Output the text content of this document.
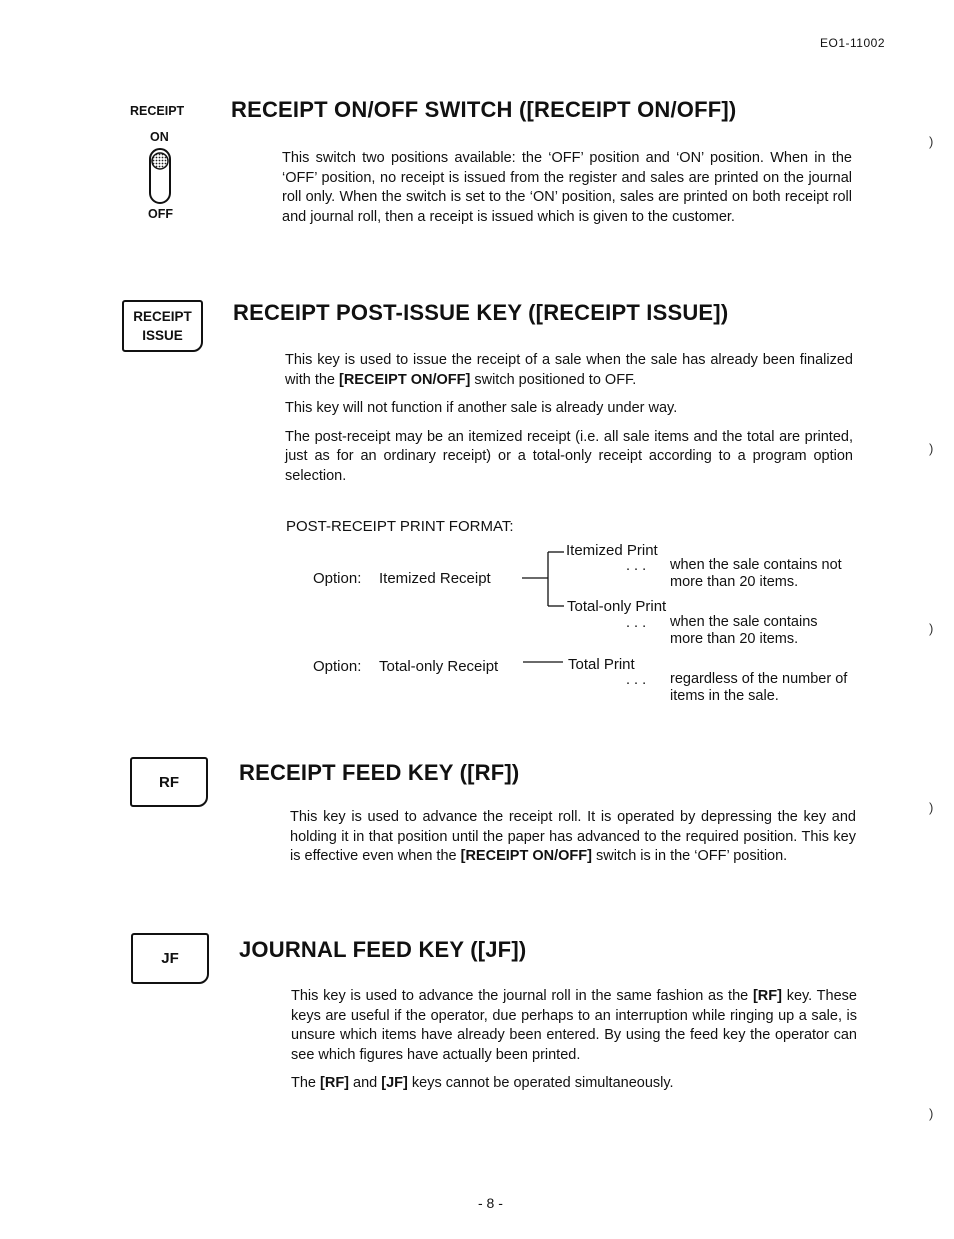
EO1-11002
RECEIPT
ON
OFF
RECEIPT ON/OFF SWITCH ([RECEIPT ON/OFF])

This switch two positions available: the ‘OFF’ position and ‘ON’ position. When in the ‘OFF’ position, no receipt is issued from the register and sales are printed on the journal roll only. When the switch is set to the ‘ON’ position, sales are printed on both receipt roll and journal roll, then a receipt is issued which is given to the customer.

RECEIPT
ISSUE
RECEIPT POST-ISSUE KEY ([RECEIPT ISSUE])

This key is used to issue the receipt of a sale when the sale has already been finalized with the [RECEIPT ON/OFF] switch positioned to OFF.

This key will not function if another sale is already under way.

The post-receipt may be an itemized receipt (i.e. all sale items and the total are printed, just as for an ordinary receipt) or a total-only receipt according to a program option selection.

POST-RECEIPT PRINT FORMAT:
Option: Itemized Receipt
Itemized Print
. . . when the sale contains not more than 20 items.
Total-only Print
. . . when the sale contains more than 20 items.
Option: Total-only Receipt	Total Print
. . . regardless of the number of items in the sale.
RF	RECEIPT FEED KEY ([RF])

This key is used to advance the receipt roll. It is operated by depressing the key and holding it in that position until the paper has advanced to the required position. This key is effective even when the [RECEIPT ON/OFF] switch is in the ‘OFF’ position.

JF	JOURNAL FEED KEY ([JF])

This key is used to advance the journal roll in the same fashion as the [RF] key. These keys are useful if the operator, due perhaps to an interruption while ringing up a sale, is unsure which items have already been entered. By using the feed key the operator can see which figures have actually been printed.

The [RF] and [JF] keys cannot be operated simultaneously.

)
)
)
)
)
- 8 -
